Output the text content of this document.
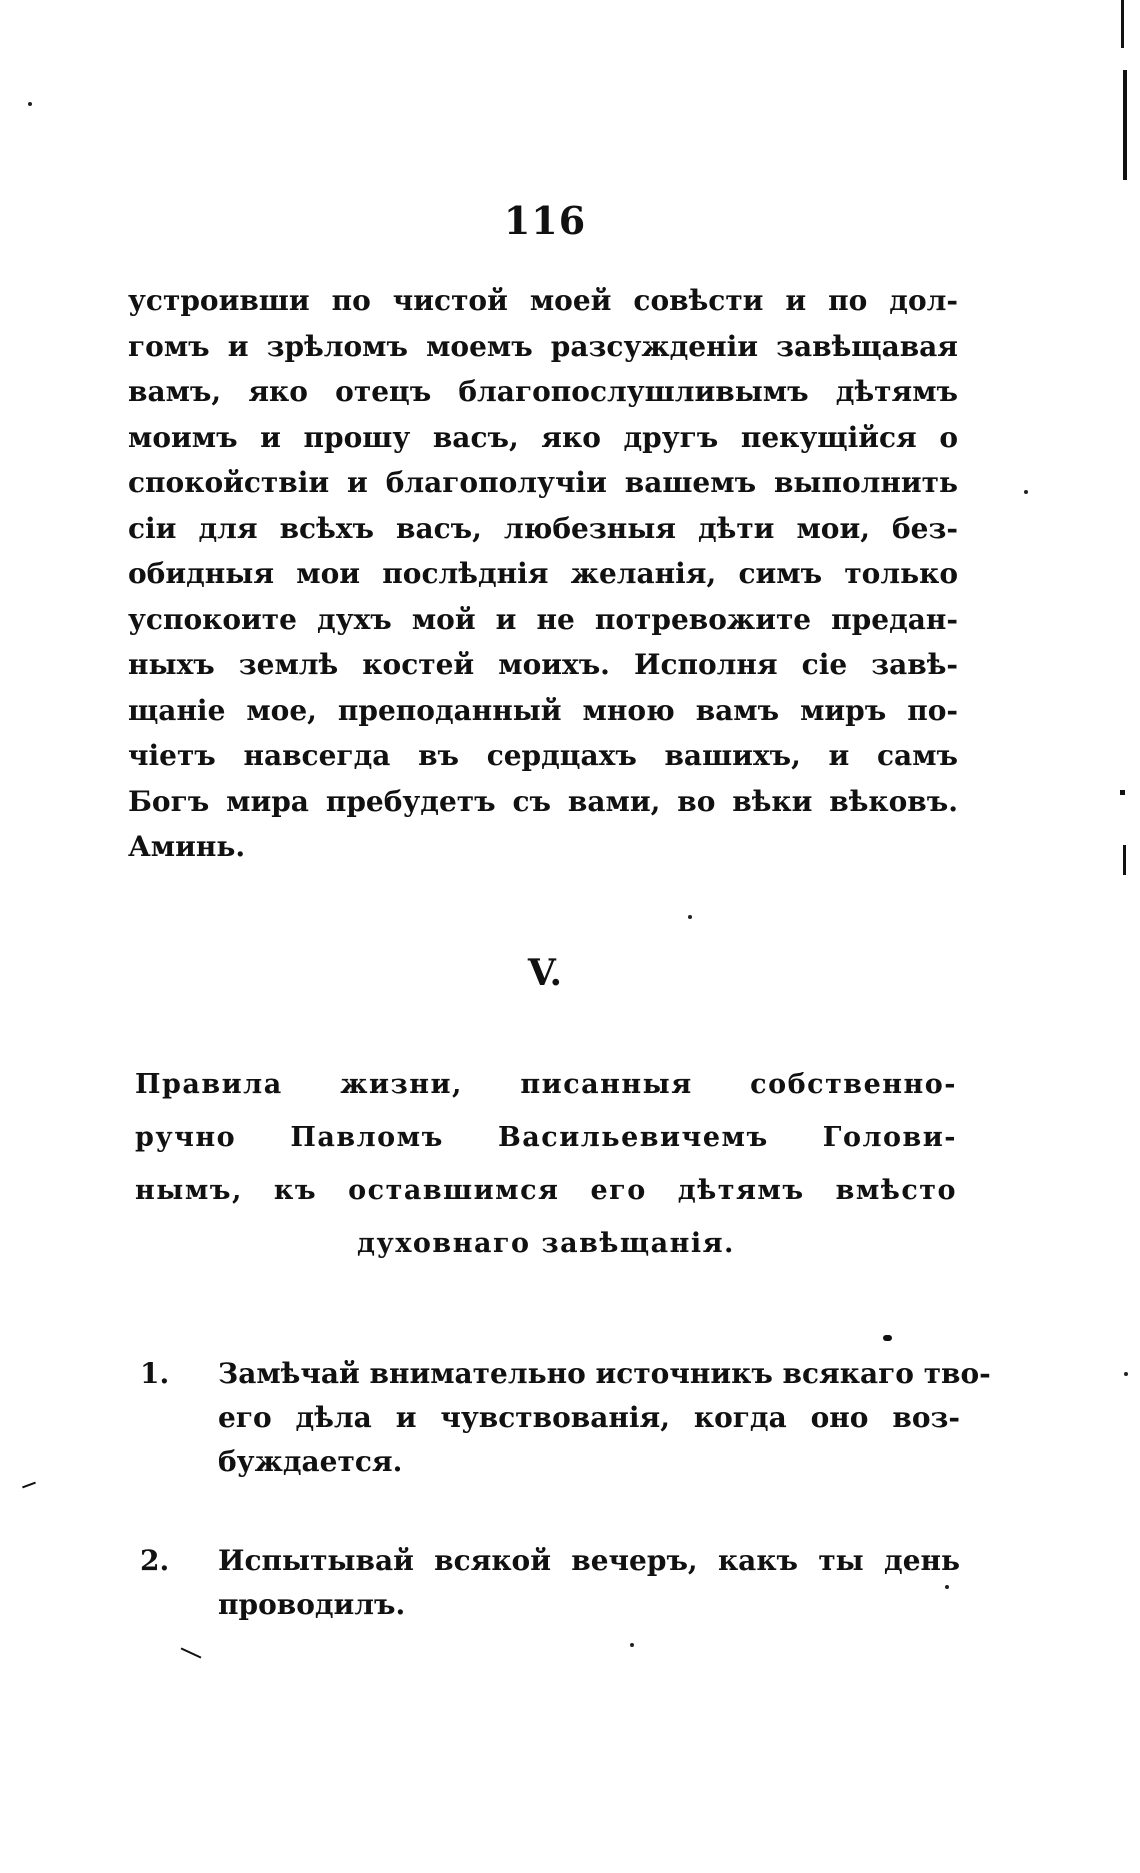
116
устроивши по чистой моей совѣсти и по дол-
гомъ и зрѣломъ моемъ разсужденіи завѣщавая
вамъ, яко отецъ благопослушливымъ дѣтямъ
моимъ и прошу васъ, яко другъ пекущійся о
спокойствіи и благополучіи вашемъ выполнить
сіи для всѣхъ васъ, любезныя дѣти мои, без-
обидныя мои послѣднія желанія, симъ только
успокоите духъ мой и не потревожите предан-
ныхъ землѣ костей моихъ. Исполня сіе завѣ-
щаніе мое, преподанный мною вамъ миръ по-
чіетъ навсегда въ сердцахъ вашихъ, и самъ
Богъ мира пребудетъ съ вами, во вѣки вѣковъ.
Аминь.
V.
Правила жизни, писанныя собственно-
ручно Павломъ Васильевичемъ Голови-
нымъ, къ оставшимся его дѣтямъ вмѣсто
духовнаго завѣщанія.
1. Замѣчай внимательно источникъ всякаго тво-
его дѣла и чувствованія, когда оно воз-
буждается.
2. Испытывай всякой вечеръ, какъ ты день
проводилъ.
